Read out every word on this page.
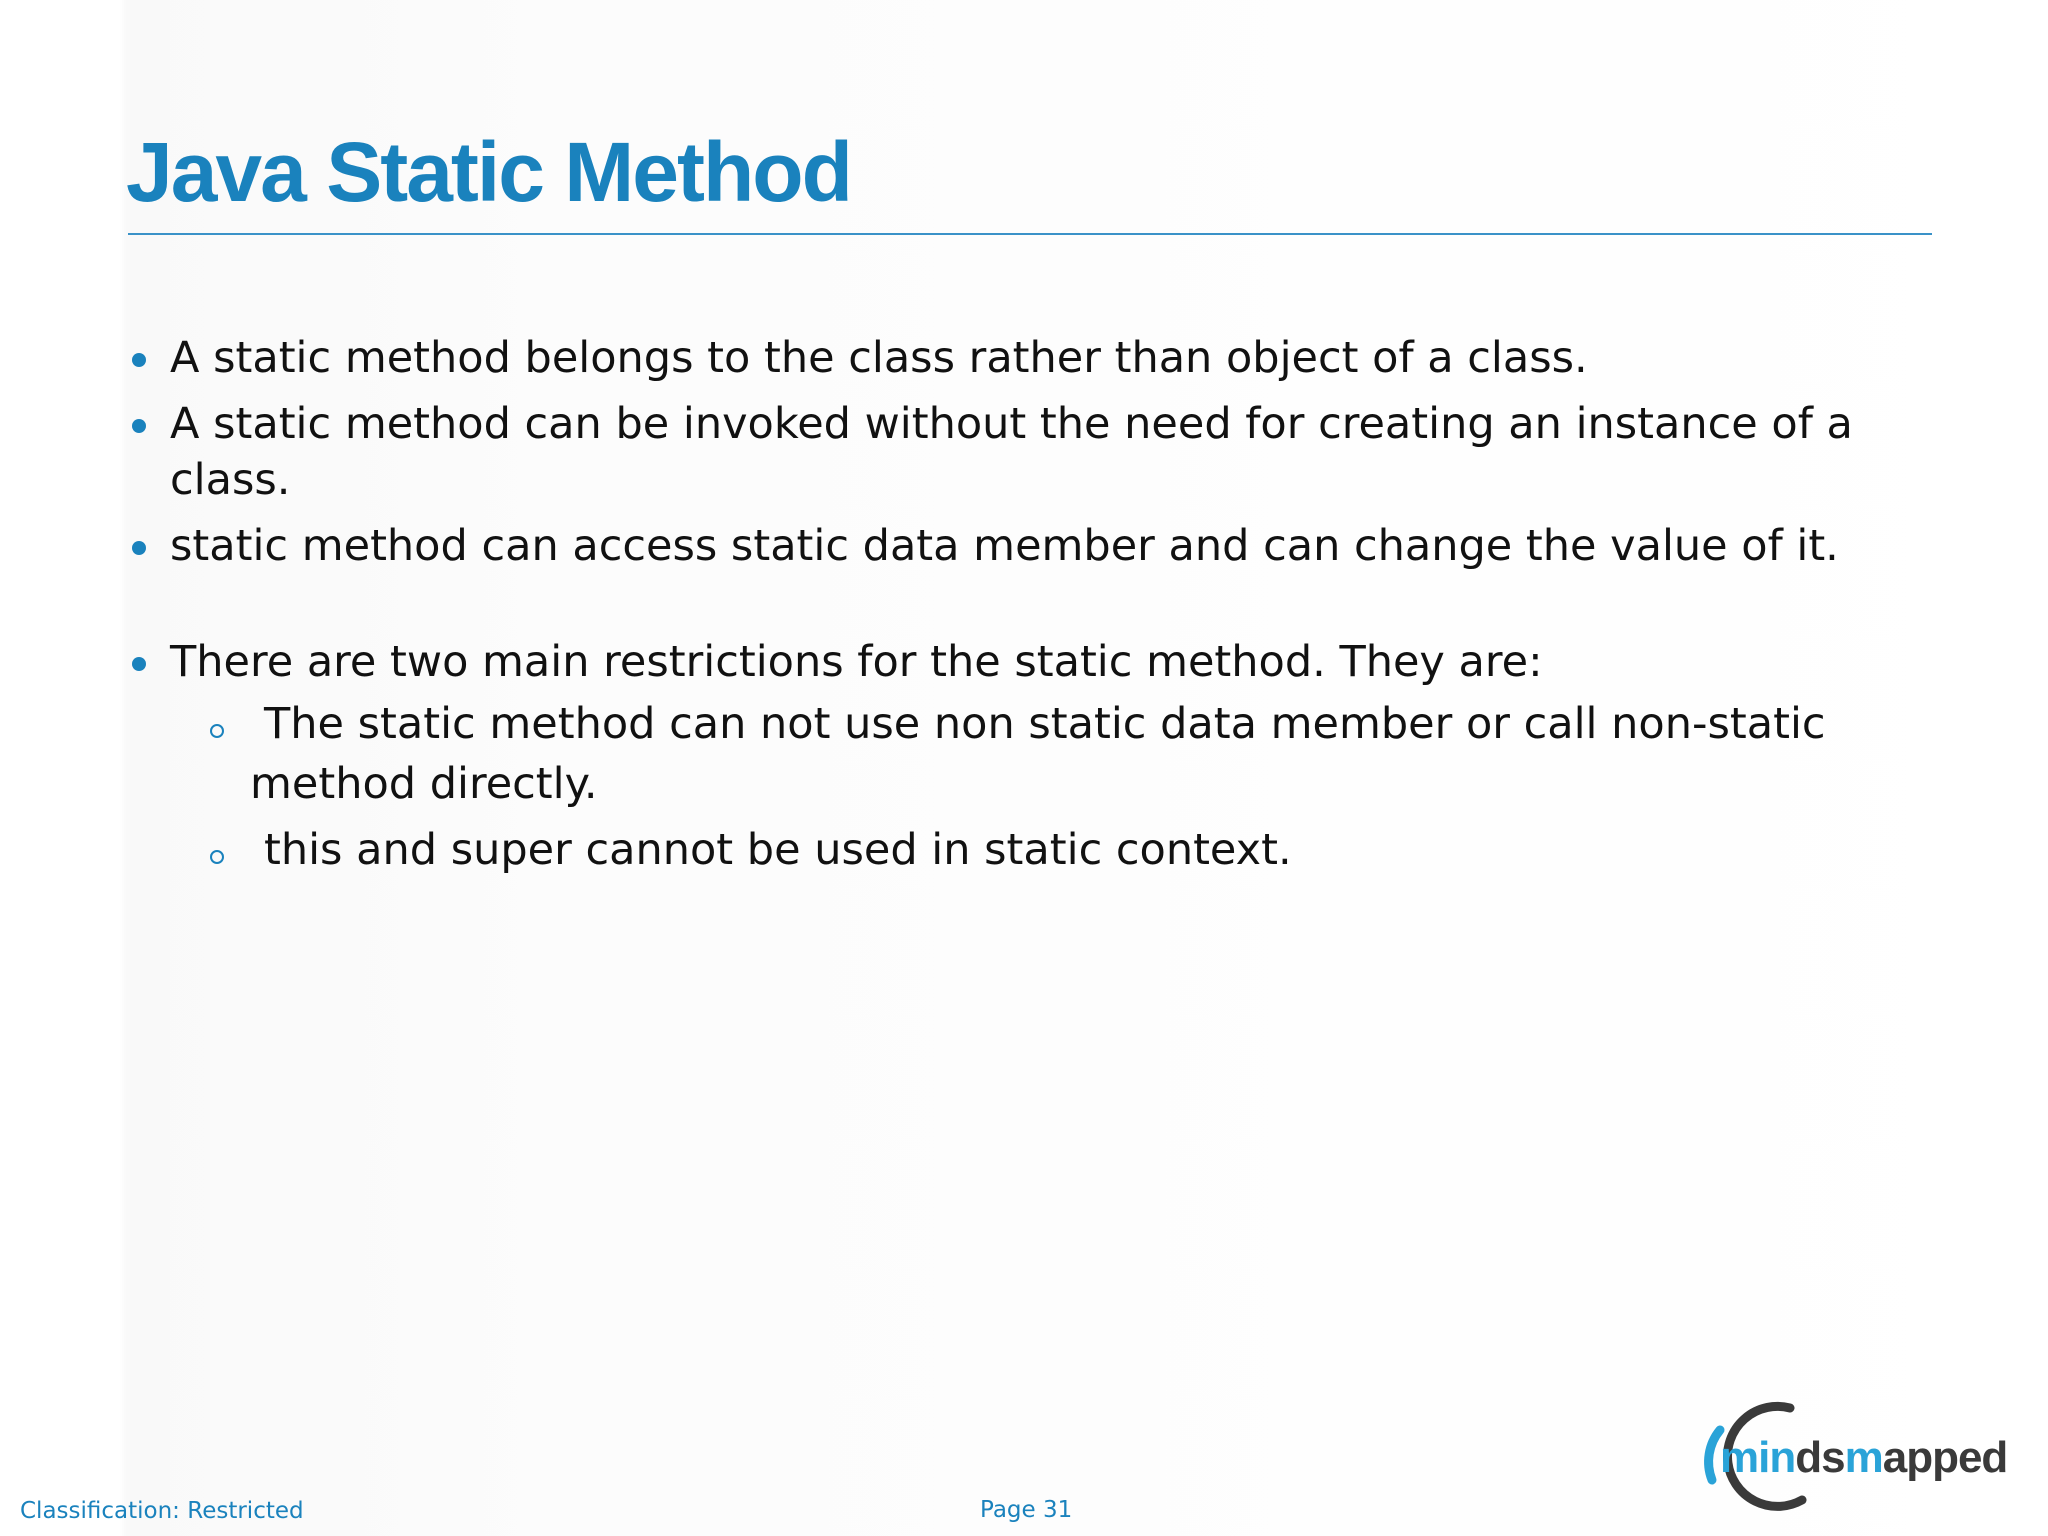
Java Static Method
A static method belongs to the class rather than object of a class.
A static method can be invoked without the need for creating an instance of a class.
static method can access static data member and can change the value of it.
There are two main restrictions for the static method. They are:
The static method can not use non static data member or call non-static method directly.
this and super cannot be used in static context.
mindsmapped
Classification: Restricted	Page 31
